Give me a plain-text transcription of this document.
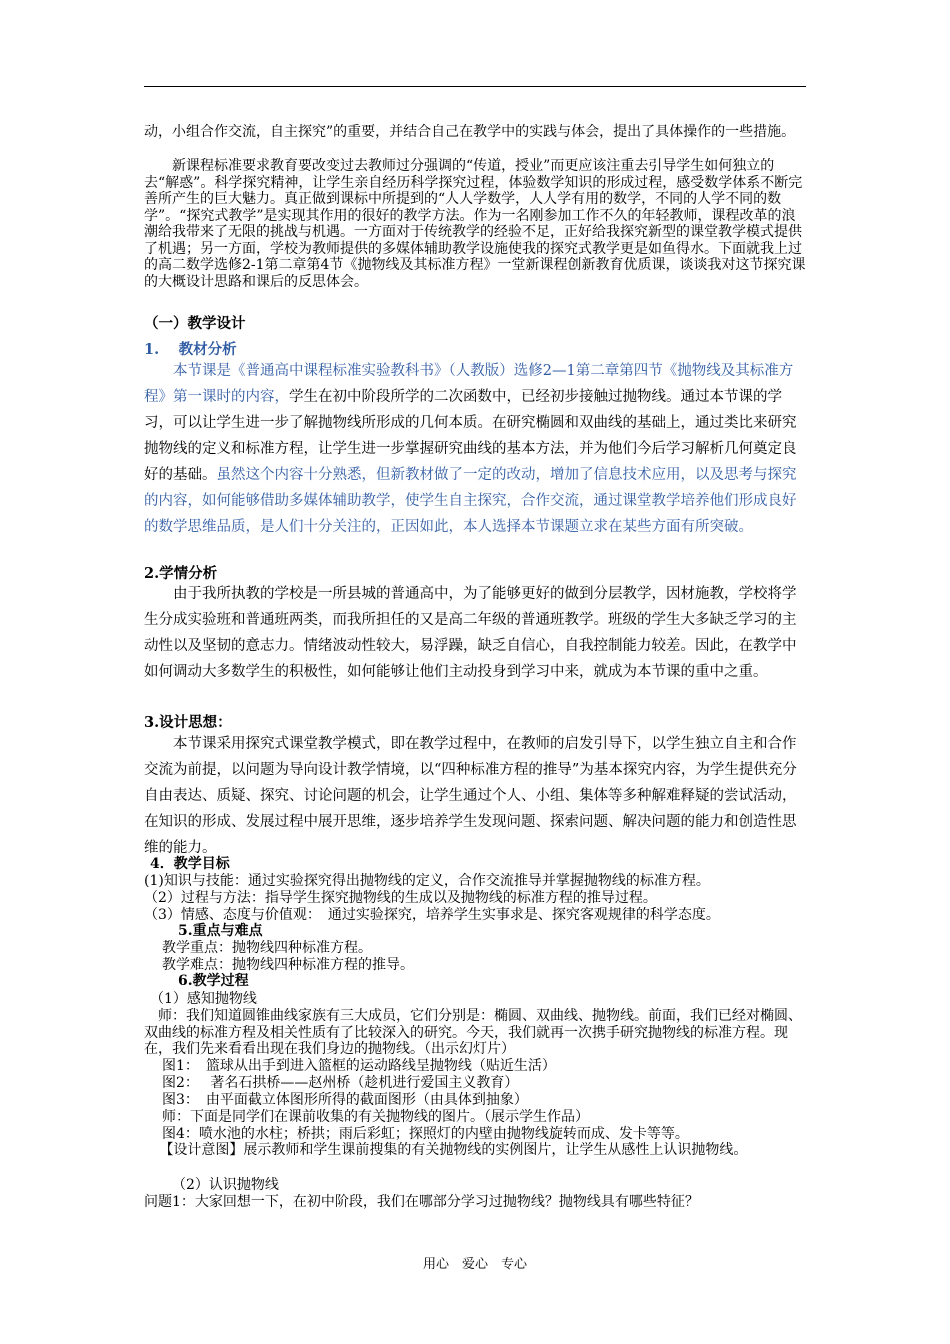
动，小组合作交流，自主探究”的重要，并结合自己在教学中的实践与体会，提出了具体操作的一些措施。

新课程标准要求教育要改变过去教师过分强调的“传道，授业”而更应该注重去引导学生如何独立的去“解惑”。科学探究精神，让学生亲自经历科学探究过程，体验数学知识的形成过程，感受数学体系不断完善所产生的巨大魅力。真正做到课标中所提到的“人人学数学，人人学有用的数学，不同的人学不同的数学”。“探究式教学”是实现其作用的很好的教学方法。作为一名刚参加工作不久的年轻教师，课程改革的浪潮给我带来了无限的挑战与机遇。一方面对于传统教学的经验不足，正好给我探究新型的课堂教学模式提供了机遇；另一方面，学校为教师提供的多媒体辅助教学设施使我的探究式教学更是如鱼得水。下面就我上过的高二数学选修2-1第二章第4节《抛物线及其标准方程》一堂新课程创新教育优质课，谈谈我对这节探究课的大概设计思路和课后的反思体会。

（一）教学设计

1.　 教材分析

本节课是《普通高中课程标准实验教科书》（人教版）选修2—1第二章第四节《抛物线及其标准方程》第一课时的内容，学生在初中阶段所学的二次函数中，已经初步接触过抛物线。通过本节课的学习，可以让学生进一步了解抛物线所形成的几何本质。在研究椭圆和双曲线的基础上，通过类比来研究抛物线的定义和标准方程，让学生进一步掌握研究曲线的基本方法，并为他们今后学习解析几何奠定良好的基础。虽然这个内容十分熟悉，但新教材做了一定的改动，增加了信息技术应用，以及思考与探究的内容，如何能够借助多媒体辅助教学，使学生自主探究，合作交流，通过课堂教学培养他们形成良好的数学思维品质，是人们十分关注的，正因如此，本人选择本节课题立求在某些方面有所突破。

2.学情分析

由于我所执教的学校是一所县城的普通高中，为了能够更好的做到分层教学，因材施教，学校将学生分成实验班和普通班两类，而我所担任的又是高二年级的普通班教学。班级的学生大多缺乏学习的主动性以及坚韧的意志力。情绪波动性较大，易浮躁，缺乏自信心，自我控制能力较差。因此，在教学中如何调动大多数学生的积极性，如何能够让他们主动投身到学习中来，就成为本节课的重中之重。

3.设计思想：

本节课采用探究式课堂教学模式，即在教学过程中，在教师的启发引导下，以学生独立自主和合作交流为前提，以问题为导向设计教学情境，以“四种标准方程的推导”为基本探究内容，为学生提供充分自由表达、质疑、探究、讨论问题的机会，让学生通过个人、小组、集体等多种解难释疑的尝试活动，在知识的形成、发展过程中展开思维，逐步培养学生发现问题、探索问题、解决问题的能力和创造性思维的能力。

4．教学目标

(1)知识与技能：通过实验探究得出抛物线的定义，合作交流推导并掌握抛物线的标准方程。

（2）过程与方法：指导学生探究抛物线的生成以及抛物线的标准方程的推导过程。

（3）情感、态度与价值观：　通过实验探究，培养学生实事求是、探究客观规律的科学态度。

5.重点与难点

教学重点：抛物线四种标准方程。

教学难点：抛物线四种标准方程的推导。

6.教学过程

（1）感知抛物线

师：我们知道圆锥曲线家族有三大成员，它们分别是：椭圆、双曲线、抛物线。前面，我们已经对椭圆、双曲线的标准方程及相关性质有了比较深入的研究。今天，我们就再一次携手研究抛物线的标准方程。现在，我们先来看看出现在我们身边的抛物线。（出示幻灯片）

图1：　篮球从出手到进入篮框的运动路线呈抛物线（贴近生活）

图2：　 著名石拱桥——赵州桥（趁机进行爱国主义教育）

图3：　由平面截立体图形所得的截面图形（由具体到抽象）

师：下面是同学们在课前收集的有关抛物线的图片。（展示学生作品）

图4：喷水池的水柱；桥拱；雨后彩虹；探照灯的内壁由抛物线旋转而成、发卡等等。

【设计意图】展示教师和学生课前搜集的有关抛物线的实例图片，让学生从感性上认识抛物线。

（2）认识抛物线

问题1：大家回想一下，在初中阶段，我们在哪部分学习过抛物线？抛物线具有哪些特征？

用心　爱心　专心
